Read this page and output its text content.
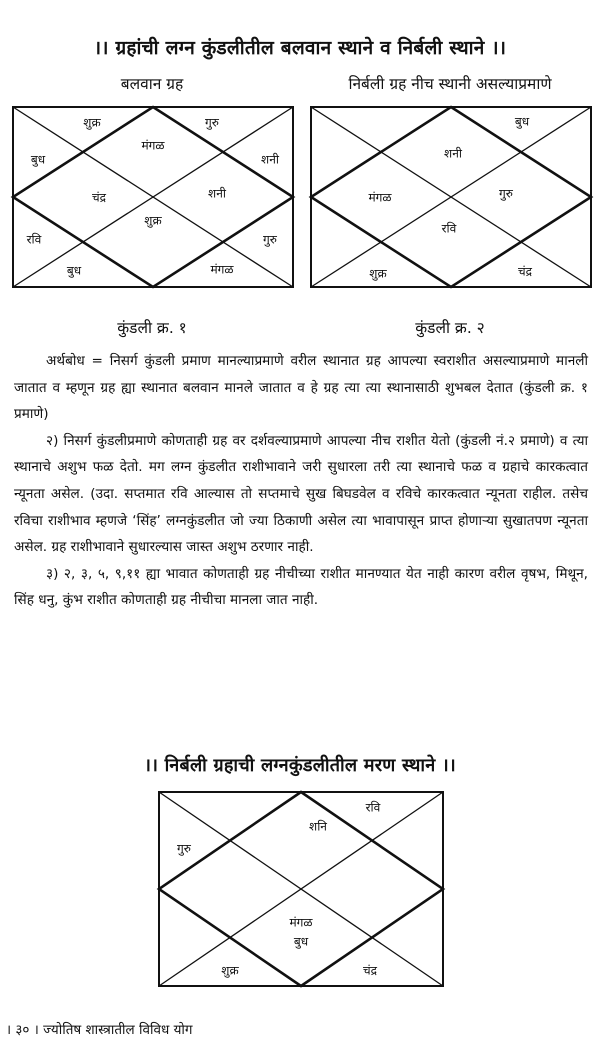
।। ग्रहांची लग्न कुंडलीतील बलवान स्थाने व निर्बली स्थाने ।।
बलवान ग्रह
शुक्र	गुरु
मंगळ
बुध	शनी
चंद्र	शनी
शुक्र
रवि	गुरु
बुध	मंगळ
कुंडली क्र. १
निर्बली ग्रह नीच स्थानी असल्याप्रमाणे
बुध
शनी
मंगळ	गुरु
रवि
शुक्र	चंद्र
कुंडली क्र. २

अर्थबोध = निसर्ग कुंडली प्रमाण मानल्याप्रमाणे वरील स्थानात ग्रह आपल्या स्वराशीत असल्याप्रमाणे मानली जातात व म्हणून ग्रह ह्या स्थानात बलवान मानले जातात व हे ग्रह त्या त्या स्थानासाठी शुभबल देतात (कुंडली क्र. १ प्रमाणे)

२) निसर्ग कुंडलीप्रमाणे कोणताही ग्रह वर दर्शवल्याप्रमाणे आपल्या नीच राशीत येतो (कुंडली नं.२ प्रमाणे) व त्या स्थानाचे अशुभ फळ देतो. मग लग्न कुंडलीत राशीभावाने जरी सुधारला तरी त्या स्थानाचे फळ व ग्रहाचे कारकत्वात न्यूनता असेल. (उदा. सप्तमात रवि आल्यास तो सप्तमाचे सुख बिघडवेल व रविचे कारकत्वात न्यूनता राहील. तसेच रविचा राशीभाव म्हणजे ‘सिंह’ लग्नकुंडलीत जो ज्या ठिकाणी असेल त्या भावापासून प्राप्त होणाऱ्या सुखातपण न्यूनता असेल. ग्रह राशीभावाने सुधारल्यास जास्त अशुभ ठरणार नाही.

३) २, ३, ५, ९,११ ह्या भावात कोणताही ग्रह नीचीच्या राशीत मानण्यात येत नाही कारण वरील वृषभ, मिथून, सिंह धनु, कुंभ राशीत कोणताही ग्रह नीचीचा मानला जात नाही.

।। निर्बली ग्रहाची लग्नकुंडलीतील मरण स्थाने ।।
रवि
शनि
गुरु
मंगळ
बुध
शुक्र	चंद्र
। ३० । ज्योतिष शास्त्रातील विविध योग
